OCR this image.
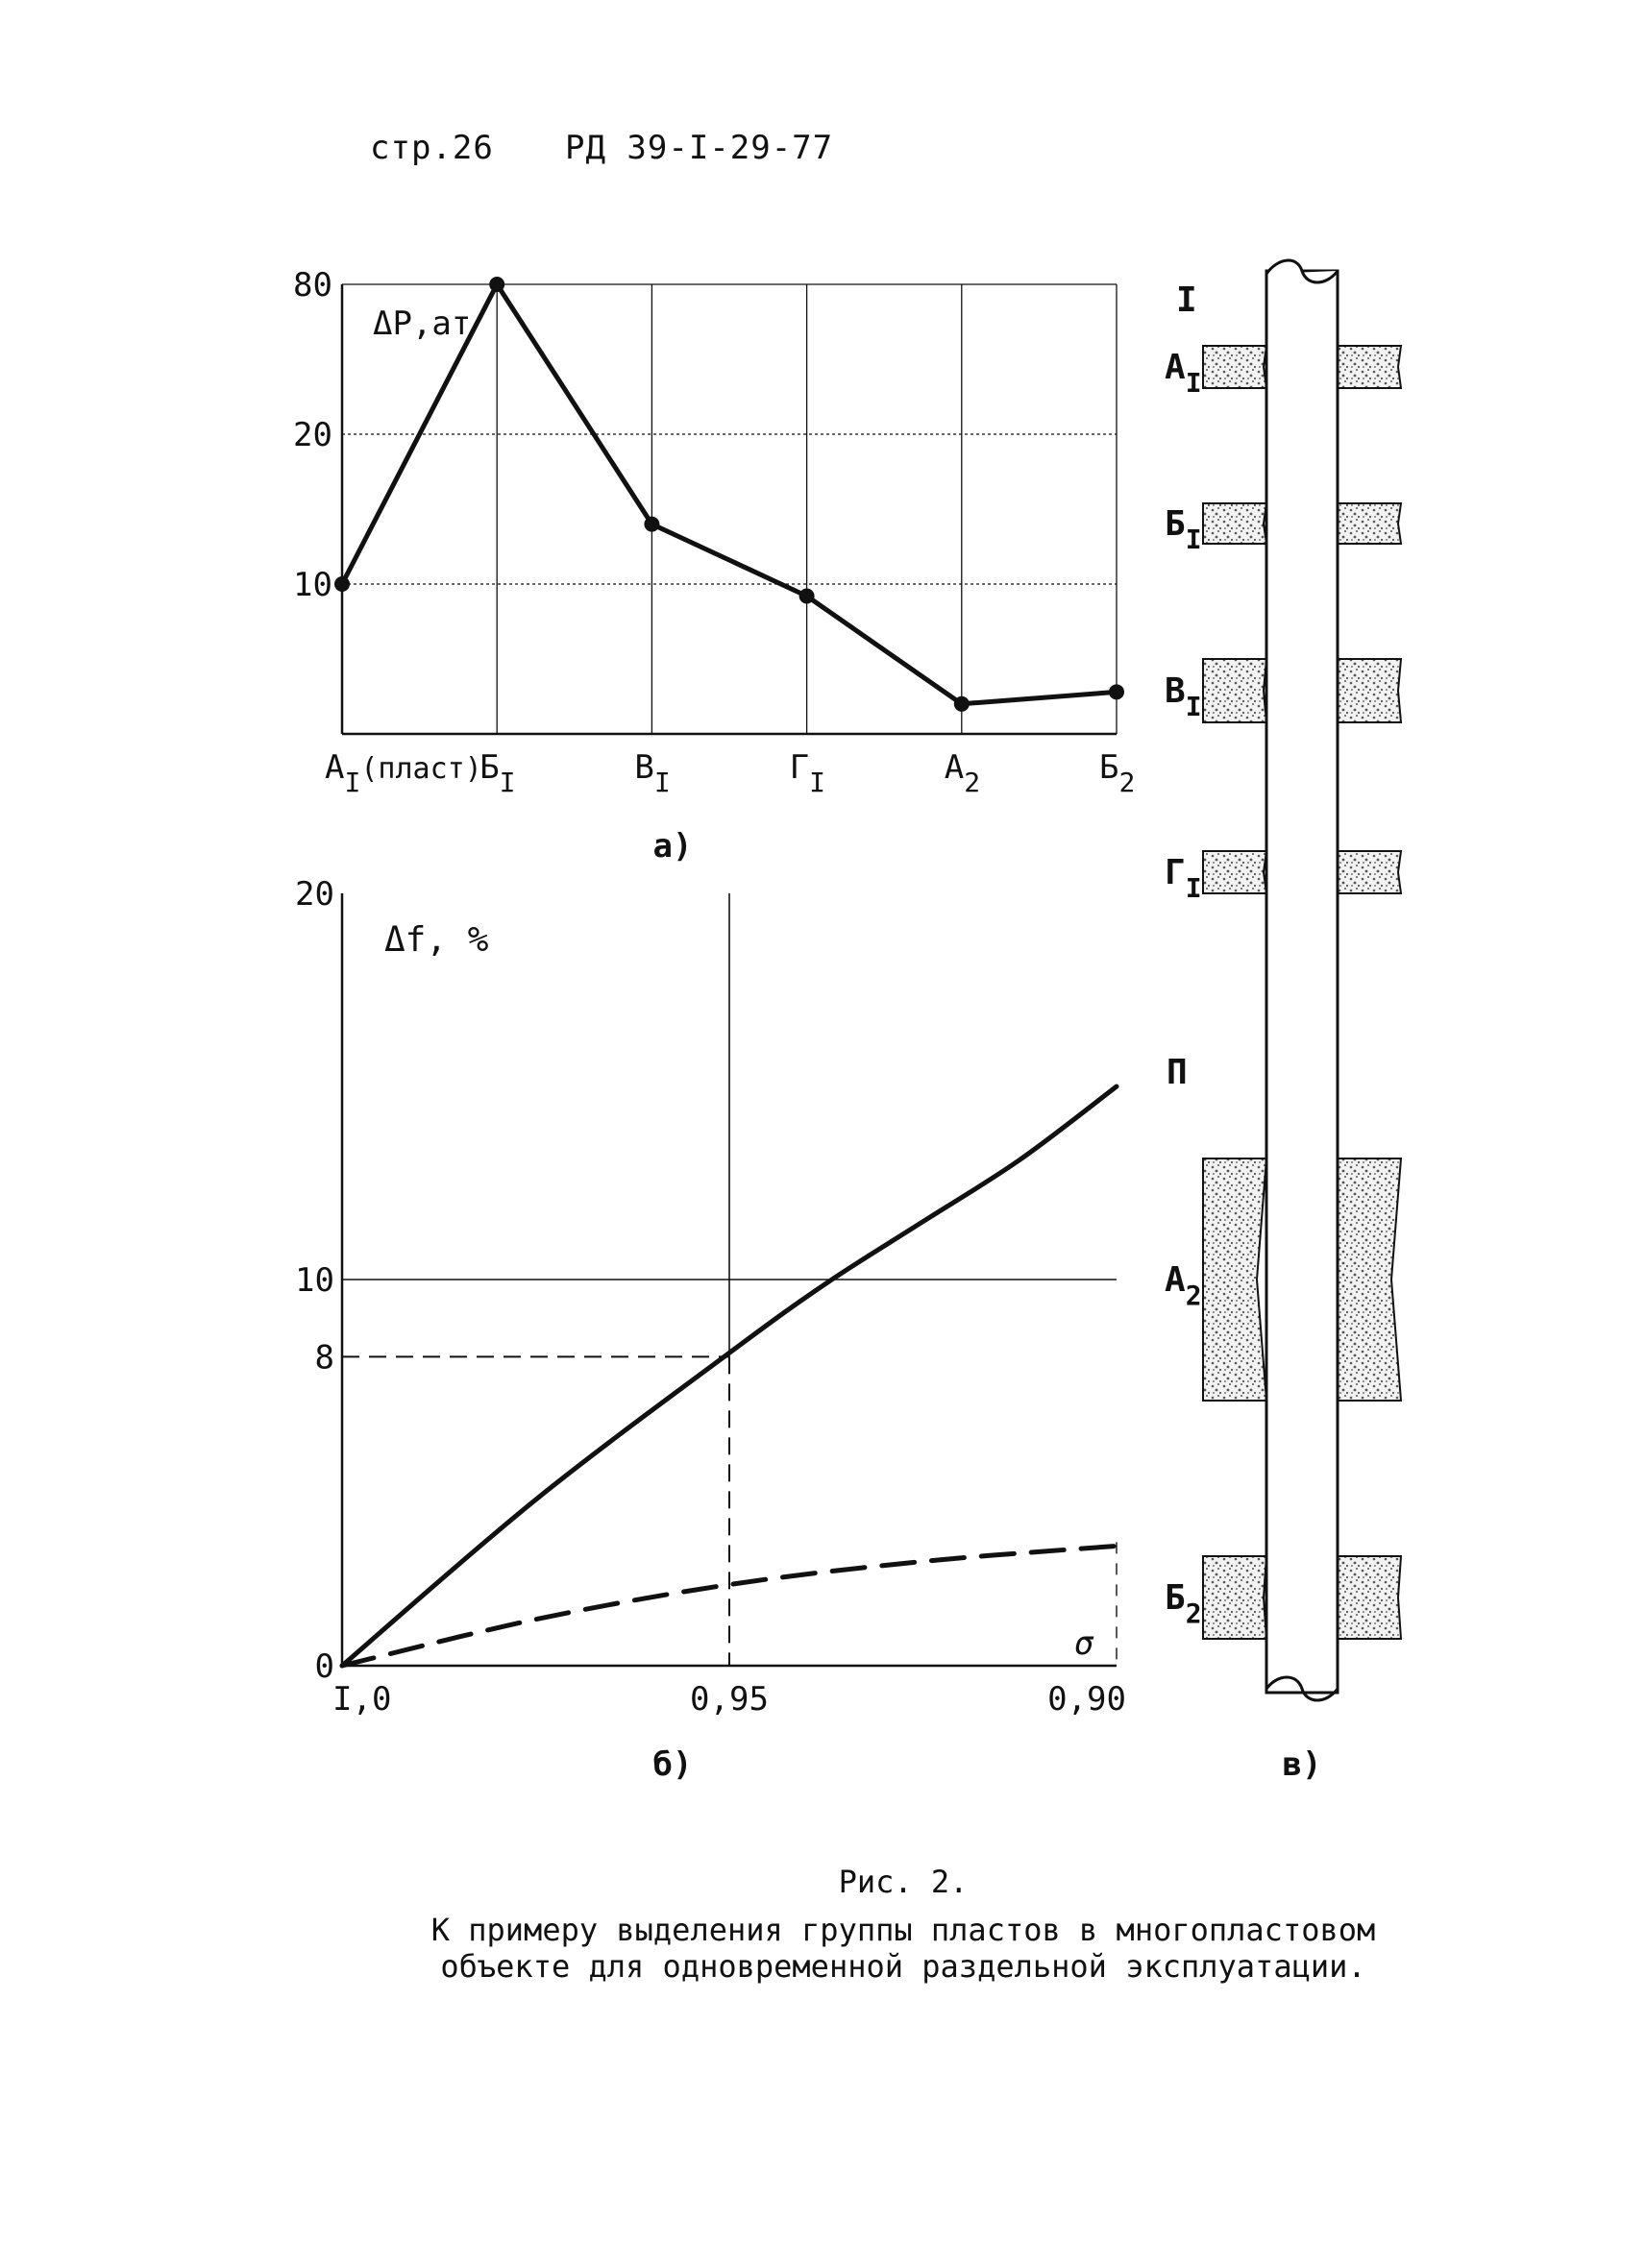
стр.26 РД 39-I-29-77
ΔP,ат
10
20
80
$A_I(пласт)$
$Б_I$	$В_I$	$Г_I$	$A_2$	$Б_2$
а)
Δf, %
σ
0
8
10
20
I,0	0,95	0,90
б)
$A_I$
$Б_I$
$В_I$
$Г_I$
$A_2$
$Б_2$
I
П
в)
Рис. 2.
К примеру выделения группы пластов в многопластовом объекте для одновременной раздельной эксплуатации.
